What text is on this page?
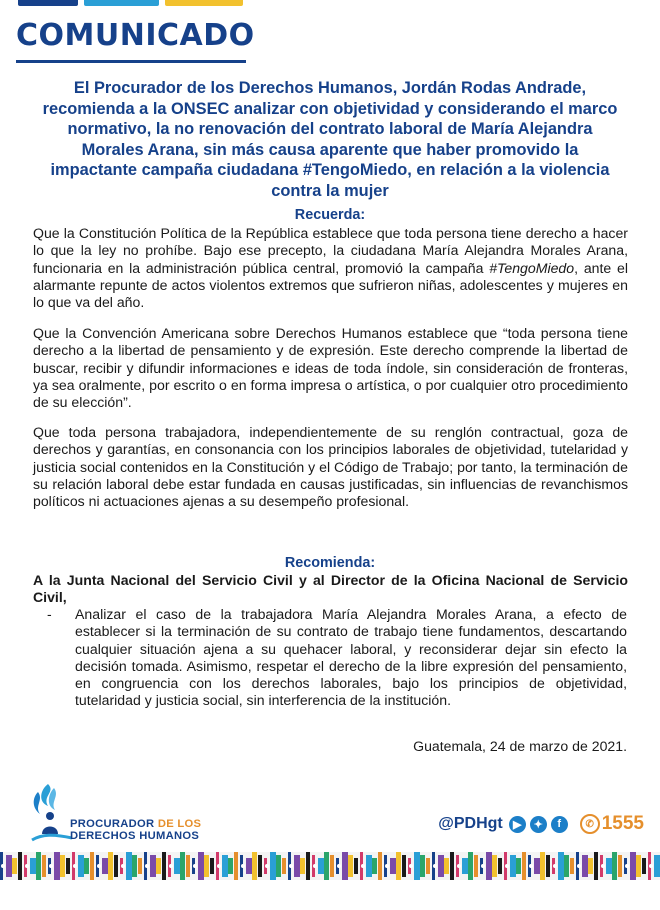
COMUNICADO
El Procurador de los Derechos Humanos, Jordán Rodas Andrade, recomienda a la ONSEC analizar con objetividad y considerando el marco normativo, la no renovación del contrato laboral de María Alejandra Morales Arana, sin más causa aparente que haber promovido la impactante campaña ciudadana #TengoMiedo, en relación a la violencia contra la mujer
Recuerda:
Que la Constitución Política de la República establece que toda persona tiene derecho a hacer lo que la ley no prohíbe. Bajo ese precepto, la ciudadana María Alejandra Morales Arana, funcionaria en la administración pública central, promovió la campaña #TengoMiedo, ante el alarmante repunte de actos violentos extremos que sufrieron niñas, adolescentes y mujeres en lo que va del año.
Que la Convención Americana sobre Derechos Humanos establece que “toda persona tiene derecho a la libertad de pensamiento y de expresión. Este derecho comprende la libertad de buscar, recibir y difundir informaciones e ideas de toda índole, sin consideración de fronteras, ya sea oralmente, por escrito o en forma impresa o artística, o por cualquier otro procedimiento de su elección”.
Que toda persona trabajadora, independientemente de su renglón contractual, goza de derechos y garantías, en consonancia con los principios laborales de objetividad, tutelaridad y justicia social contenidos en la Constitución y el Código de Trabajo; por tanto, la terminación de su relación laboral debe estar fundada en causas justificadas, sin influencias de revanchismos políticos ni actuaciones ajenas a su desempeño profesional.
Recomienda:
A la Junta Nacional del Servicio Civil y al Director de la Oficina Nacional de Servicio Civil,
- Analizar el caso de la trabajadora María Alejandra Morales Arana, a efecto de establecer si la terminación de su contrato de trabajo tiene fundamentos, descartando cualquier situación ajena a su quehacer laboral, y reconsiderar dejar sin efecto la decisión tomada. Asimismo, respetar el derecho de la libre expresión del pensamiento, en congruencia con los derechos laborales, bajo los principios de objetividad, tutelaridad y justicia social, sin interferencia de la institución.
Guatemala, 24 de marzo de 2021.
PROCURADOR DE LOS
DERECHOS HUMANOS
@PDHgt ▶	✦	f	✆ 1555
